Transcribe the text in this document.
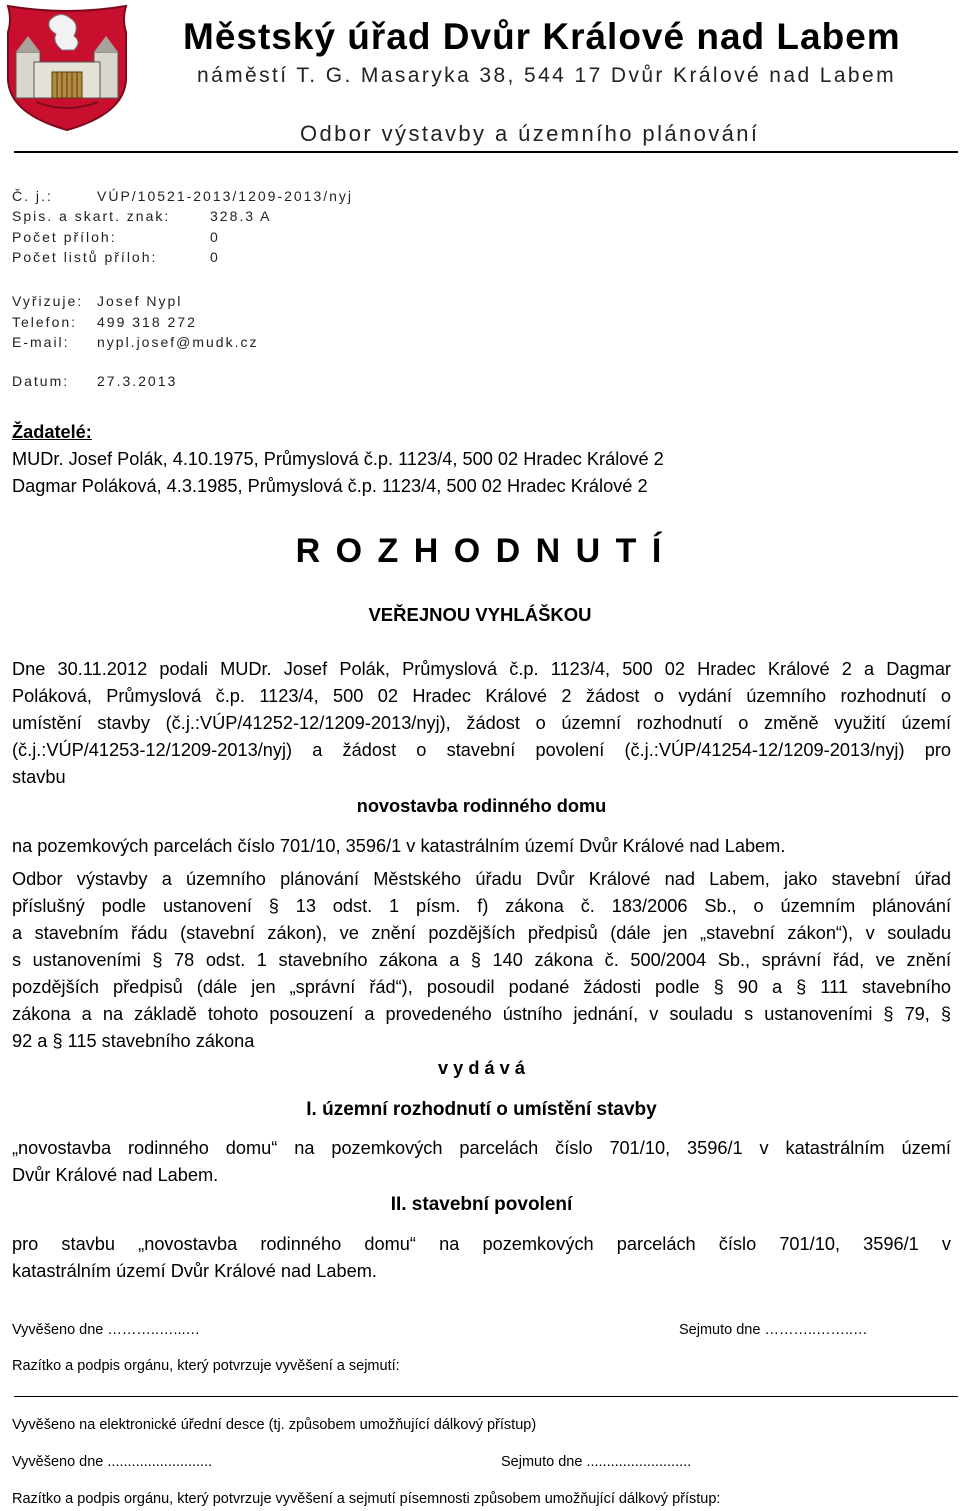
Městský úřad Dvůr Králové nad Labem
náměstí T. G. Masaryka 38, 544 17 Dvůr Králové nad Labem
Odbor výstavby a územního plánování
Č. j.:	VÚP/10521-2013/1209-2013/nyj
Spis. a skart. znak:	328.3 A
Počet příloh:	0
Počet listů příloh:	0
Vyřizuje: Josef Nypl
Telefon: 499 318 272
E-mail: nypl.josef@mudk.cz
Datum: 27.3.2013
Žadatelé:
MUDr. Josef Polák, 4.10.1975, Průmyslová č.p. 1123/4, 500 02 Hradec Králové 2
Dagmar Poláková, 4.3.1985, Průmyslová č.p. 1123/4, 500 02 Hradec Králové 2
R O Z H O D N U T Í
VEŘEJNOU VYHLÁŠKOU
Dne 30.11.2012 podali MUDr. Josef Polák, Průmyslová č.p. 1123/4, 500 02 Hradec Králové 2 a Dagmar
Poláková, Průmyslová č.p. 1123/4, 500 02 Hradec Králové 2 žádost o vydání územního rozhodnutí o
umístění stavby (č.j.:VÚP/41252-12/1209-2013/nyj), žádost o územní rozhodnutí o změně využití území
(č.j.:VÚP/41253-12/1209-2013/nyj) a žádost o stavební povolení (č.j.:VÚP/41254-12/1209-2013/nyj) pro
stavbu
novostavba rodinného domu
na pozemkových parcelách číslo 701/10, 3596/1 v katastrálním území Dvůr Králové nad Labem.
Odbor výstavby a územního plánování Městského úřadu Dvůr Králové nad Labem, jako stavební úřad
příslušný podle ustanovení § 13 odst. 1 písm. f) zákona č. 183/2006 Sb., o územním plánování
a stavebním řádu (stavební zákon), ve znění pozdějších předpisů (dále jen „stavební zákon“), v souladu
s ustanoveními § 78 odst. 1 stavebního zákona a § 140 zákona č. 500/2004 Sb., správní řád, ve znění
pozdějších předpisů (dále jen „správní řád“), posoudil podané žádosti podle § 90 a § 111 stavebního
zákona a na základě tohoto posouzení a provedeného ústního jednání, v souladu s ustanoveními § 79, §
92 a § 115 stavebního zákona
v y d á v á
I. územní rozhodnutí o umístění stavby
„novostavba rodinného domu“ na pozemkových parcelách číslo 701/10, 3596/1 v katastrálním území
Dvůr Králové nad Labem.
II. stavební povolení
pro stavbu „novostavba rodinného domu“ na pozemkových parcelách číslo 701/10, 3596/1 v
katastrálním území Dvůr Králové nad Labem.
Vyvěšeno dne ………..…...…	Sejmuto dne ………..……..…
Razítko a podpis orgánu, který potvrzuje vyvěšení a sejmutí:
Vyvěšeno na elektronické úřední desce (tj. způsobem umožňující dálkový přístup)
Vyvěšeno dne ..........................	Sejmuto dne ..........................
Razítko a podpis orgánu, který potvrzuje vyvěšení a sejmutí písemnosti způsobem umožňující dálkový přístup:
